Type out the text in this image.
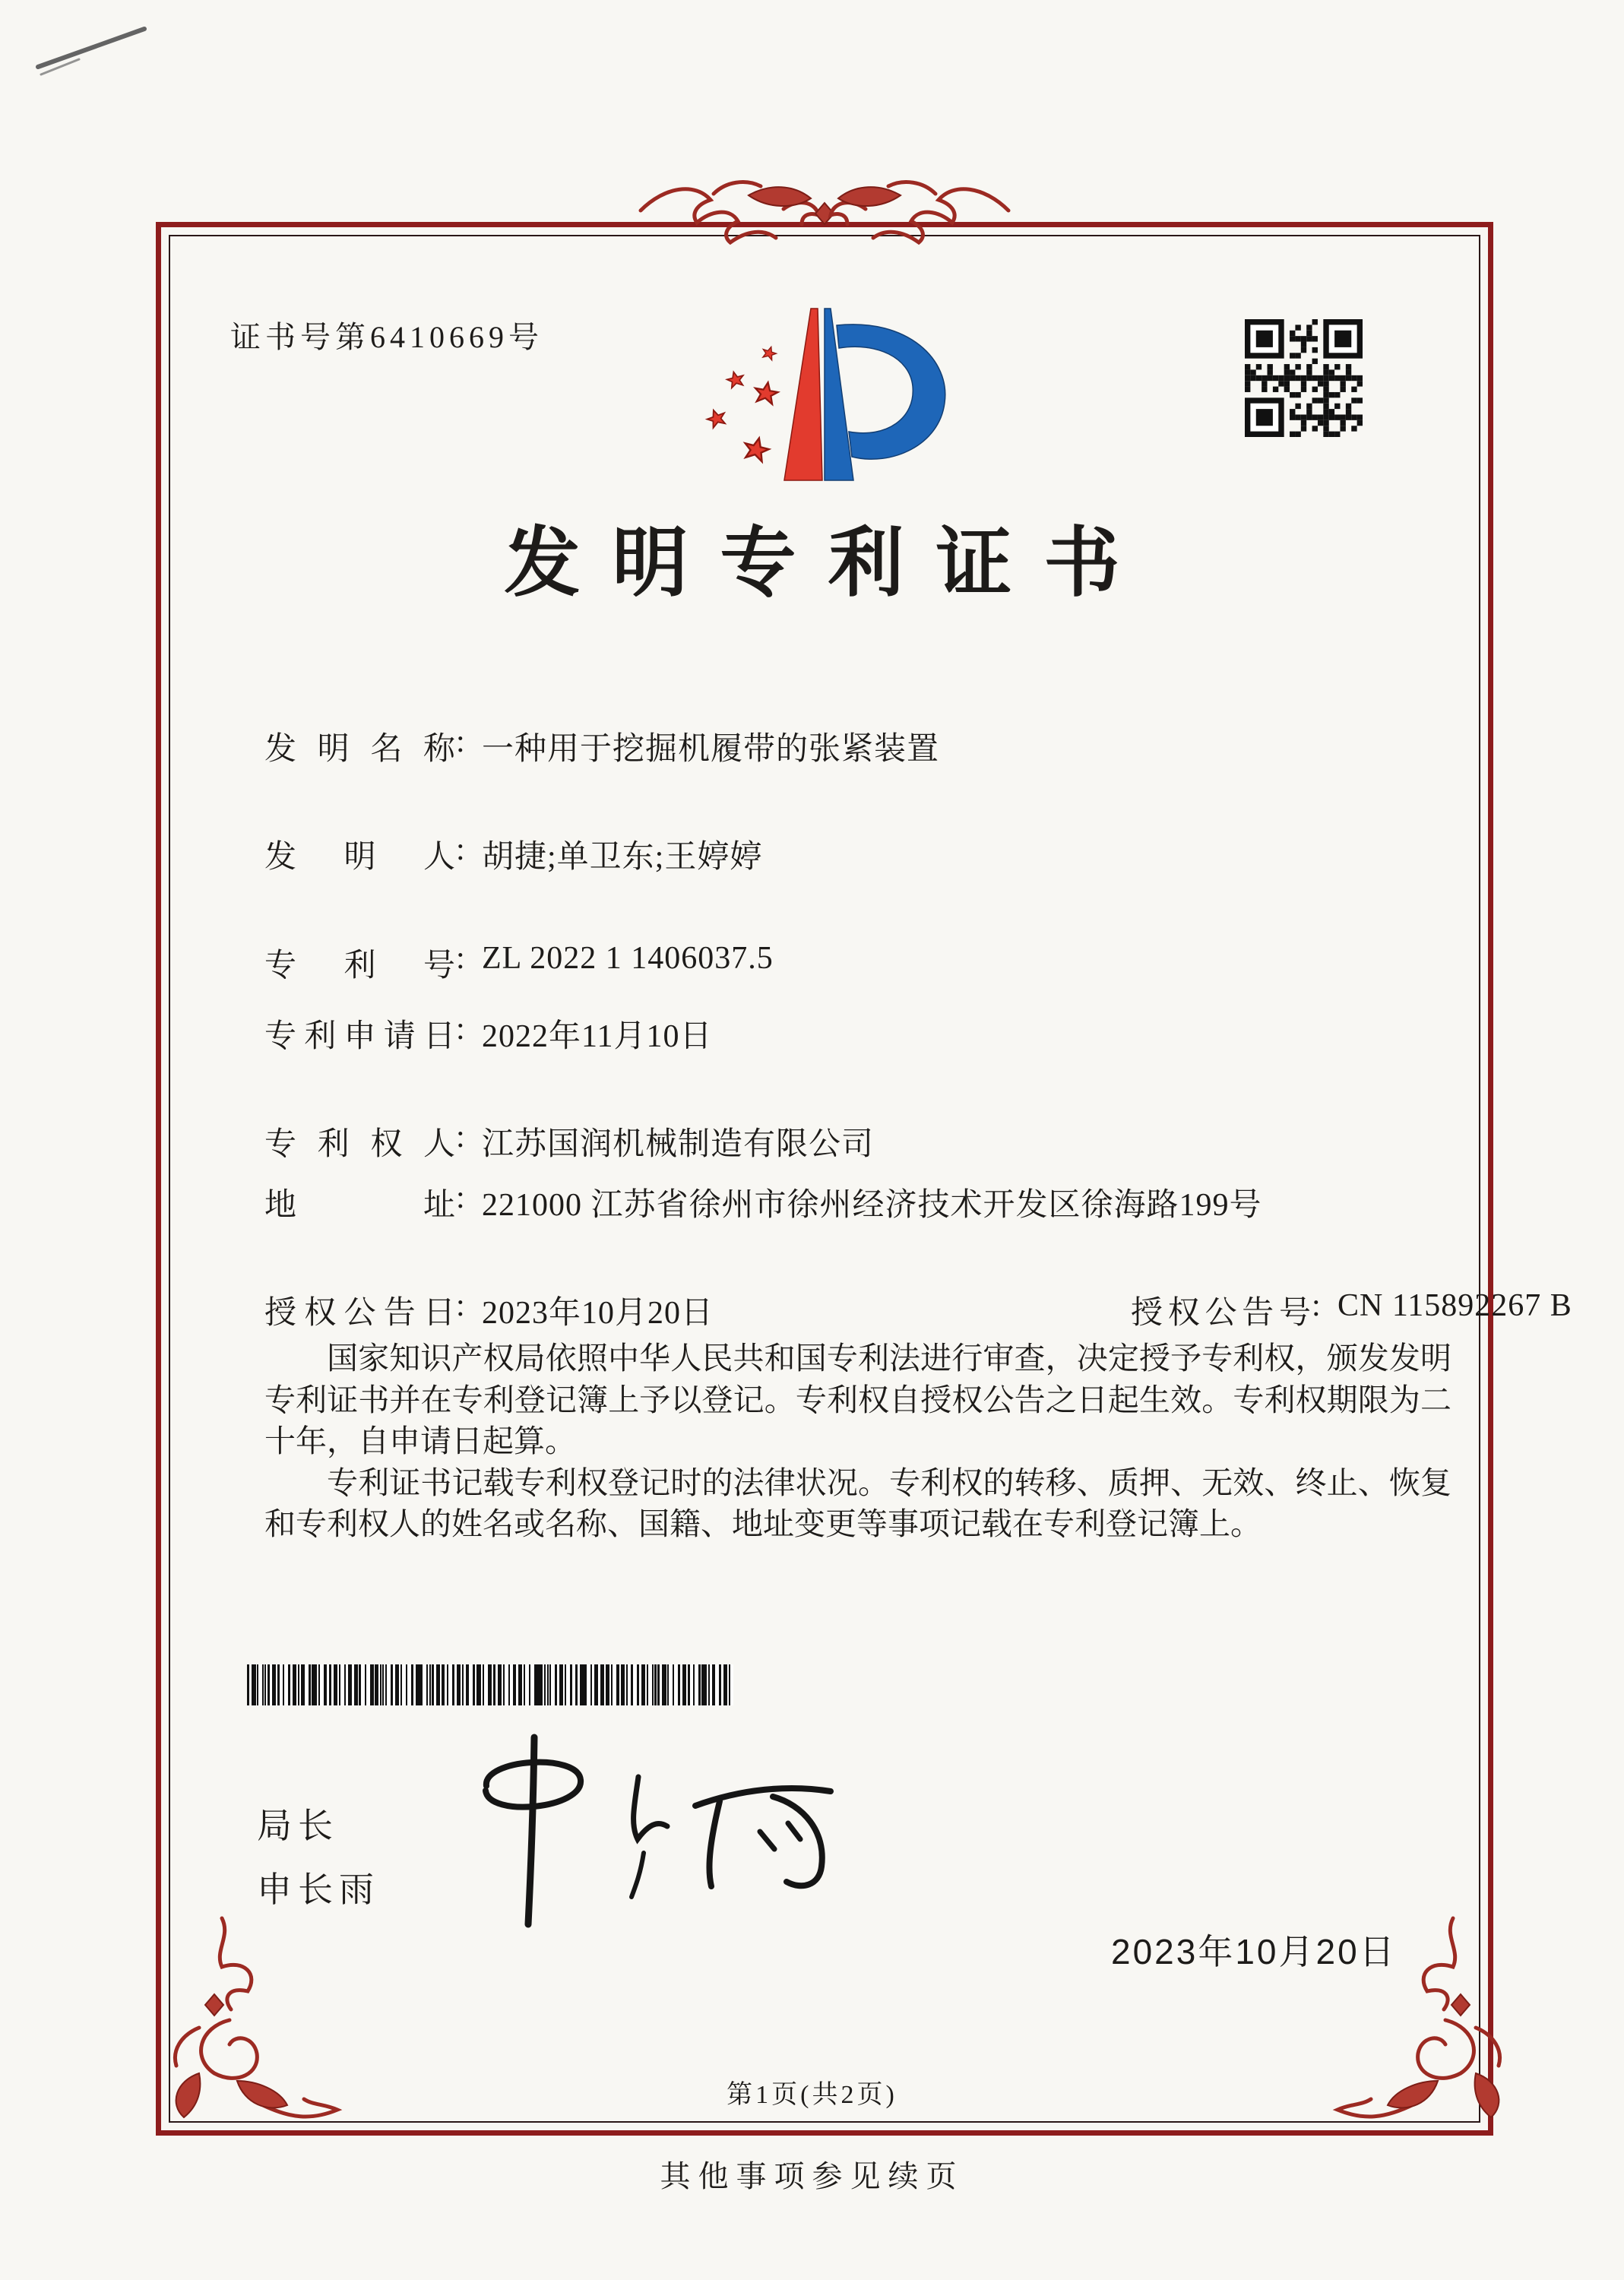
证书号第6410669号
发明专利证书
发明名称: 一种用于挖掘机履带的张紧装置
发明人: 胡捷;单卫东;王婷婷
专利号: ZL 2022 1 1406037.5
专利申请日: 2022年11月10日
专利权人: 江苏国润机械制造有限公司
地址: 221000 江苏省徐州市徐州经济技术开发区徐海路199号
授权公告日: 2023年10月20日	授权公告号: CN 115892267 B

国家知识产权局依照中华人民共和国专利法进行审查，决定授予专利权，颁发发明专利证书并在专利登记簿上予以登记。专利权自授权公告之日起生效。专利权期限为二十年，自申请日起算。

专利证书记载专利权登记时的法律状况。专利权的转移、质押、无效、终止、恢复和专利权人的姓名或名称、国籍、地址变更等事项记载在专利登记簿上。

局长
申长雨
2023年10月20日
第1页(共2页)
其他事项参见续页
